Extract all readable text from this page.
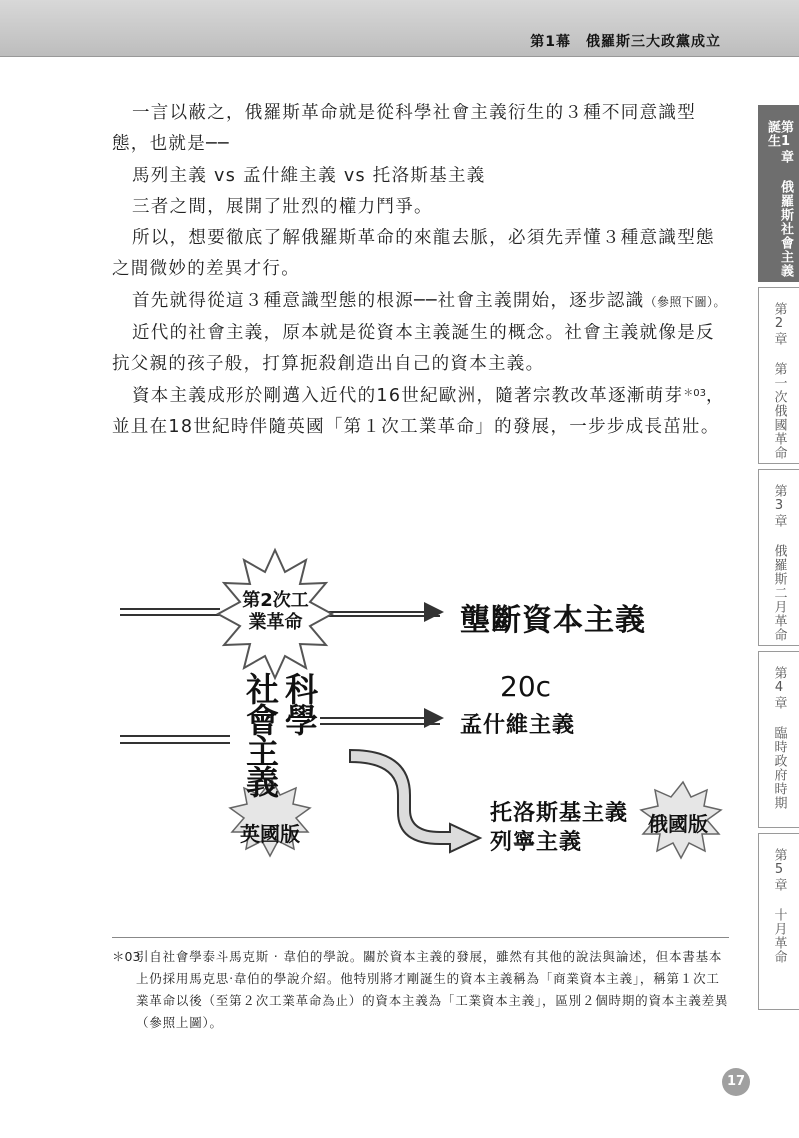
第1幕　俄羅斯三大政黨成立

一言以蔽之，俄羅斯革命就是從科學社會主義衍生的３種不同意識型態，也就是──

馬列主義 vs 孟什維主義 vs 托洛斯基主義

三者之間，展開了壯烈的權力鬥爭。

所以，想要徹底了解俄羅斯革命的來龍去脈，必須先弄懂３種意識型態之間微妙的差異才行。

首先就得從這３種意識型態的根源──社會主義開始，逐步認識（參照下圖）。

近代的社會主義，原本就是從資本主義誕生的概念。社會主義就像是反抗父親的孩子般，打算扼殺創造出自己的資本主義。

資本主義成形於剛邁入近代的16世紀歐洲，隨著宗教改革逐漸萌芽$^{*03}$，並且在18世紀時伴隨英國「第１次工業革命」的發展，一步步成長茁壯。

第1章 俄羅斯社會主義誕生
第2章 第一次俄國革命
第3章 俄羅斯二月革命
第4章 臨時政府時期
第5章 十月革命
第2次工業革命	壟斷資本主義
20c
孟什維主義
托洛斯基主義
列寧主義
科學
社會主義
英國版	俄國版
＊03
引自社會學泰斗馬克斯 ‧ 韋伯的學說。關於資本主義的發展，雖然有其他的說法與論述，但本書基本上仍採用馬克思‧韋伯的學說介紹。他特別將才剛誕生的資本主義稱為「商業資本主義」，稱第１次工業革命以後（至第２次工業革命為止）的資本主義為「工業資本主義」，區別２個時期的資本主義差異（參照上圖）。
17
